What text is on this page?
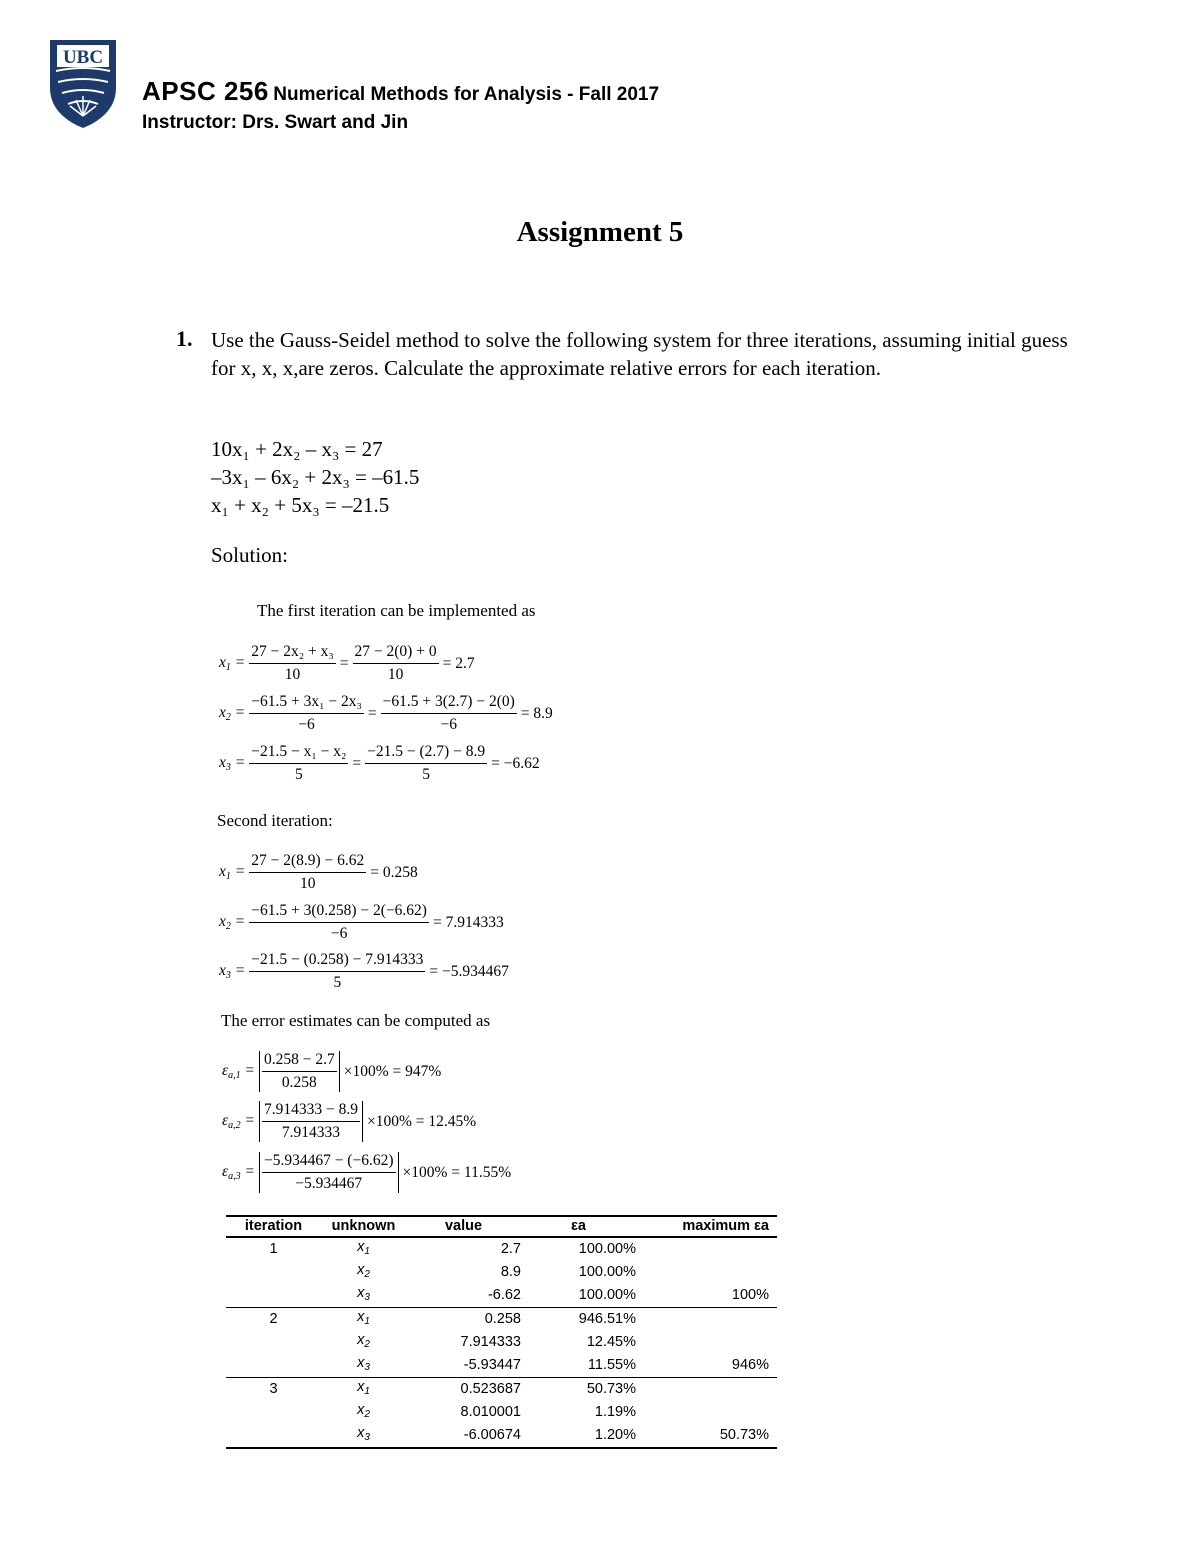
UBC
APSC 256 Numerical Methods for Analysis - Fall 2017
Instructor: Drs. Swart and Jin
Assignment 5
1. Use the Gauss-Seidel method to solve the following system for three iterations, assuming initial guess for x, x, x,are zeros. Calculate the approximate relative errors for each iteration.
10x₁ + 2x₂ – x₃ = 27
–3x₁ – 6x₂ + 2x₃ = –61.5
x₁ + x₂ + 5x₃ = –21.5
Solution:
The first iteration can be implemented as
$x_1 = \frac{\text{27 − 2x₂ + x₃}}{10} = \frac{27 - 2(0) + 0}{10} = 2.7$
$x_2 = \frac{\text{−61.5 + 3x₁ − 2x₃}}{-6} = \frac{-61.5 + 3(2.7) - 2(0)}{-6} = 8.9$
$x_3 = \frac{\text{−21.5 − x₁ − x₂}}{5} = \frac{-21.5 - (2.7) - 8.9}{5} = -6.62$
Second iteration:
$x_1 = \frac{27 - 2(8.9) - 6.62}{10} = 0.258$
$x_2 = \frac{-61.5 + 3(0.258) - 2(-6.62)}{-6} = 7.914333$
$x_3 = \frac{-21.5 - (0.258) - 7.914333}{5} = -5.934467$
The error estimates can be computed as
$\varepsilon_{a,1} = \frac{0.258 - 2.7}{0.258} \times 100\% = 947\%$
$\varepsilon_{a,2} = \frac{7.914333 - 8.9}{7.914333} \times 100\% = 12.45\%$
$\varepsilon_{a,3} = \frac{-5.934467 - (-6.62)}{-5.934467} \times 100\% = 11.55\%$
iteration	unknown	value	εa	maximum εa
1	$x_1$	2.7	100.00%	
	$x_2$	8.9	100.00%	
	$x_3$	-6.62	100.00%	100%
2	$x_1$	0.258	946.51%	
	$x_2$	7.914333	12.45%	
	$x_3$	-5.93447	11.55%	946%
3	$x_1$	0.523687	50.73%	
	$x_2$	8.010001	1.19%	
	$x_3$	-6.00674	1.20%	50.73%
